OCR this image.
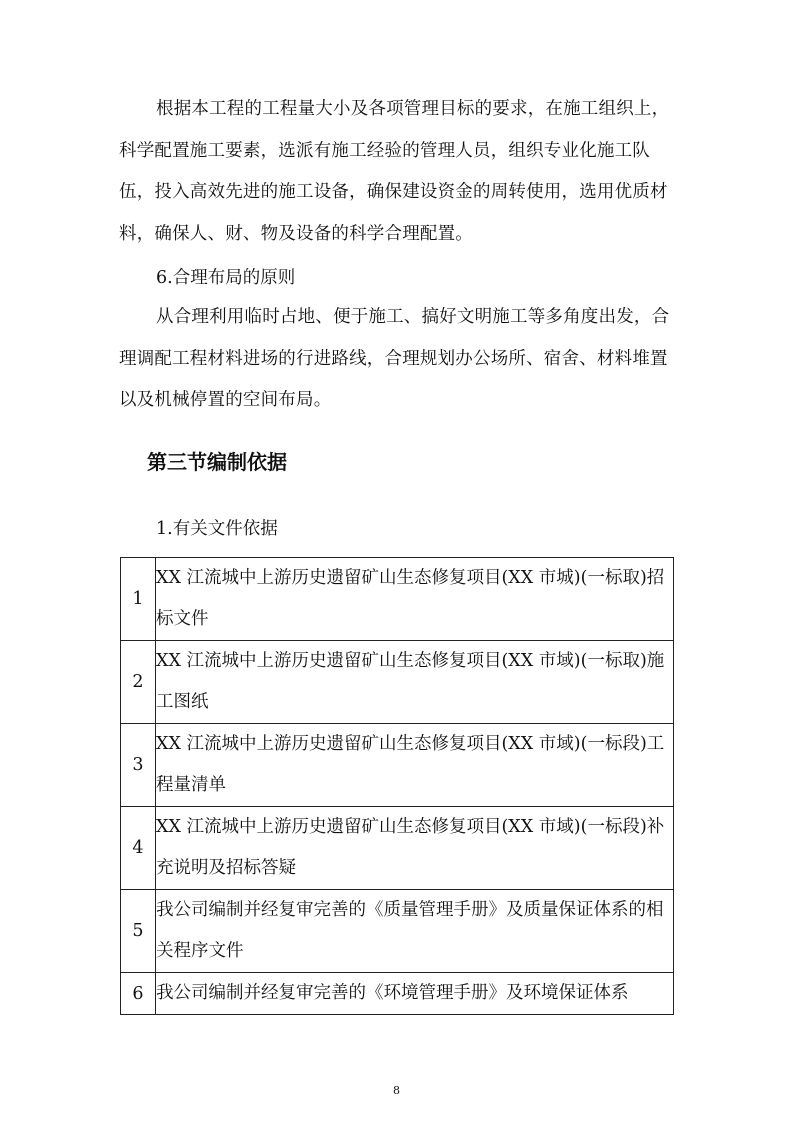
根据本工程的工程量大小及各项管理目标的要求，在施工组织上，科学配置施工要素，选派有施工经验的管理人员，组织专业化施工队伍，投入高效先进的施工设备，确保建设资金的周转使用，选用优质材料，确保人、财、物及设备的科学合理配置。

6.合理布局的原则

从合理利用临时占地、便于施工、搞好文明施工等多角度出发，合理调配工程材料进场的行进路线，合理规划办公场所、宿舍、材料堆置以及机械停置的空间布局。

第三节编制依据

1.有关文件依据

1	XX 江流城中上游历史遗留矿山生态修复项目(XX 市城)(一标取)招标文件
2	XX 江流城中上游历史遗留矿山生态修复项目(XX 市域)(一标取)施工图纸
3	XX 江流城中上游历史遗留矿山生态修复项目(XX 市域)(一标段)工程量清单
4	XX 江流城中上游历史遗留矿山生态修复项目(XX 市域)(一标段)补充说明及招标答疑
5	我公司编制并经复审完善的《质量管理手册》及质量保证体系的相关程序文件
6	我公司编制并经复审完善的《环境管理手册》及环境保证体系
8
